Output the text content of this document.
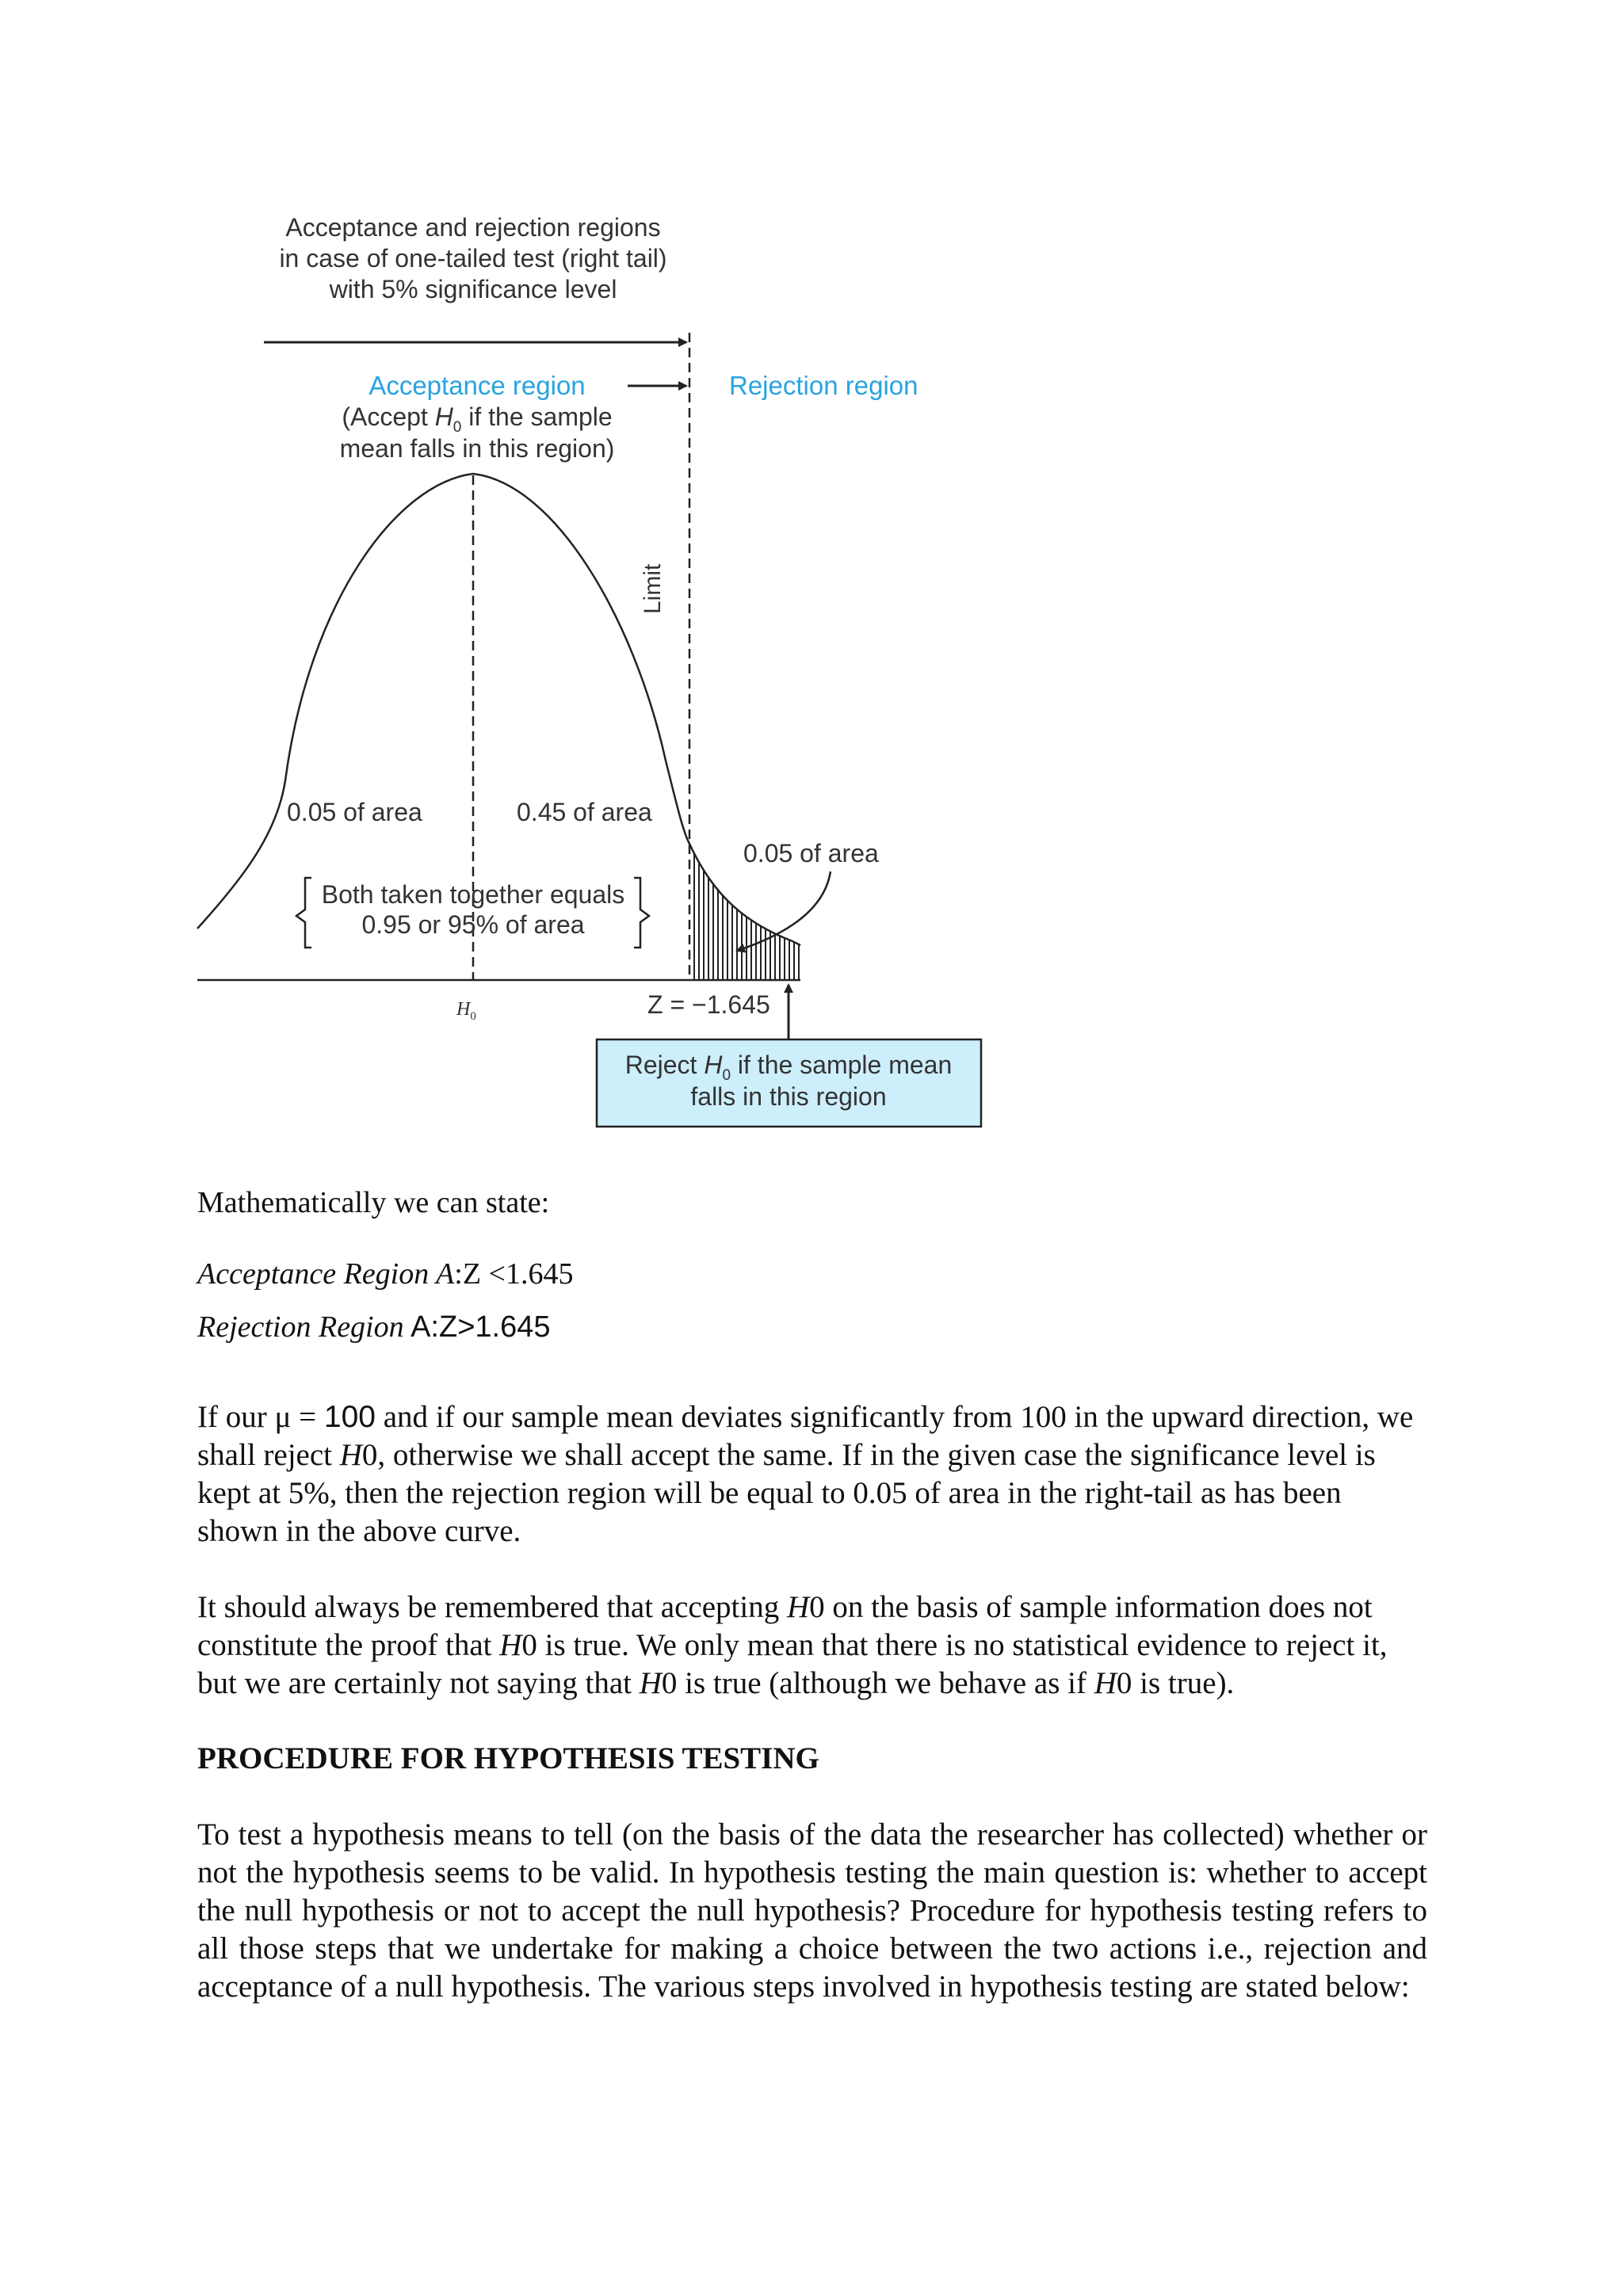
Acceptance and rejection regions
in case of one-tailed test (right tail)
with 5% significance level
Acceptance region
(Accept $H_0$ if the sample
mean falls in this region)
Rejection region
Limit
0.05 of area	0.45 of area
0.05 of area
Both taken together equals
0.95 or 95% of area
$H_0$	Z = −1.645
Reject $H_0$ if the sample mean
falls in this region
Mathematically we can state:
Acceptance Region A:Z <1.645
Rejection Region A:Z>1.645

If our μ = 100 and if our sample mean deviates significantly from 100 in the upward direction, we shall reject H0, otherwise we shall accept the same. If in the given case the significance level is kept at 5%, then the rejection region will be equal to 0.05 of area in the right-tail as has been shown in the above curve.

It should always be remembered that accepting H0 on the basis of sample information does not constitute the proof that H0 is true. We only mean that there is no statistical evidence to reject it, but we are certainly not saying that H0 is true (although we behave as if H0 is true).

PROCEDURE FOR HYPOTHESIS TESTING

To test a hypothesis means to tell (on the basis of the data the researcher has collected) whether or not the hypothesis seems to be valid. In hypothesis testing the main question is: whether to accept the null hypothesis or not to accept the null hypothesis? Procedure for hypothesis testing refers to all those steps that we undertake for making a choice between the two actions i.e., rejection and acceptance of a null hypothesis. The various steps involved in hypothesis testing are stated below:
